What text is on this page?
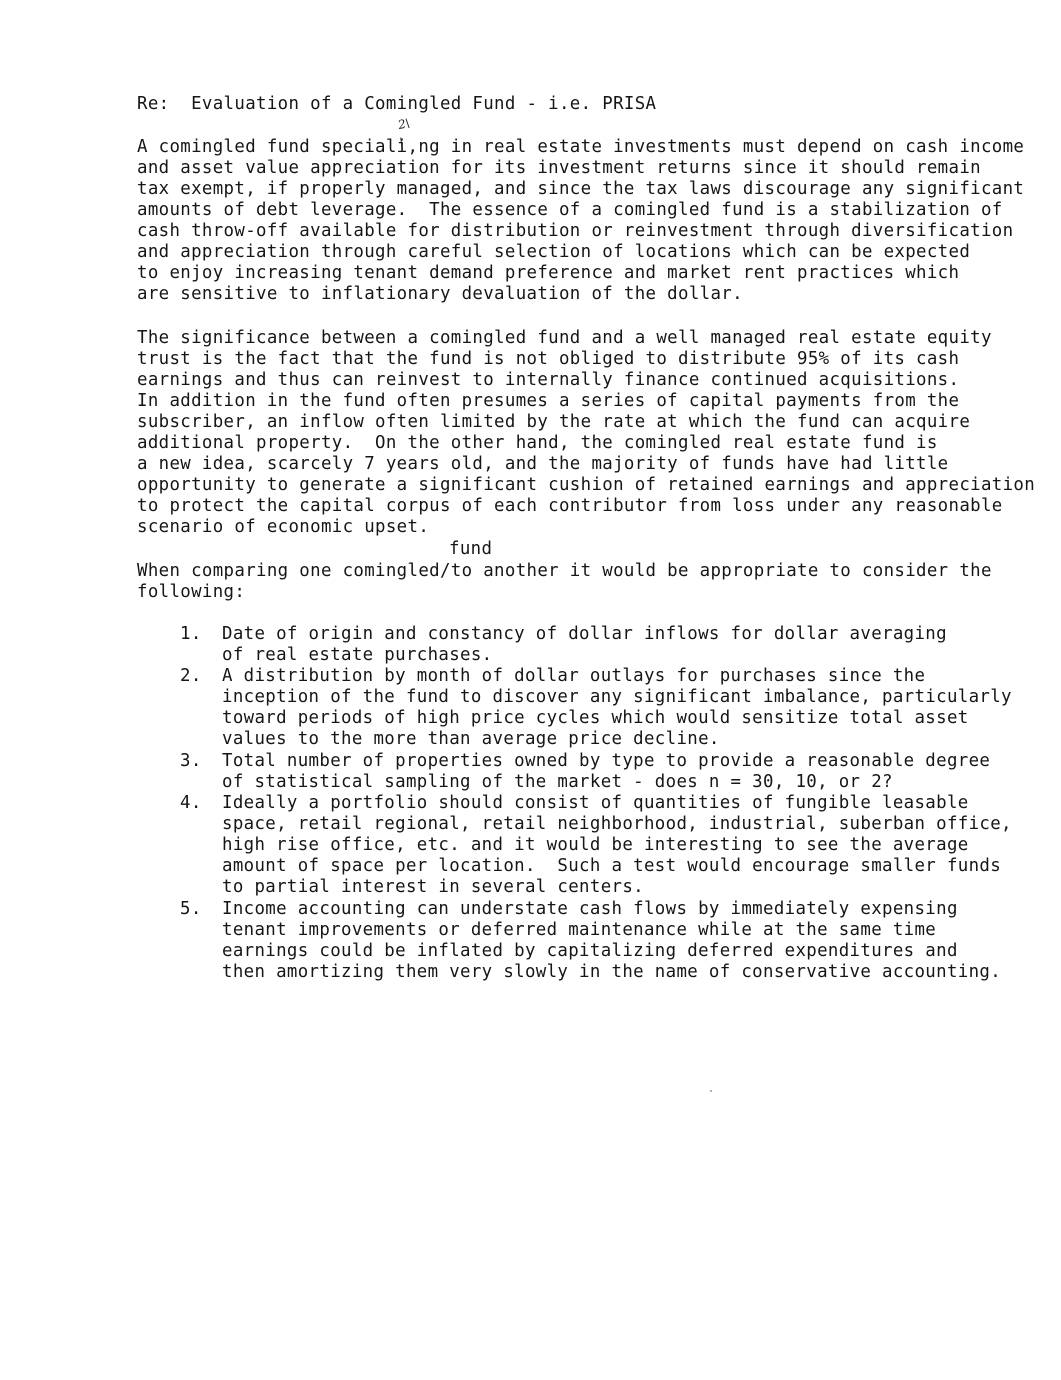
Re:  Evaluation of a Comingled Fund - i.e. PRISA

2\

A comingled fund speciali,ng in real estate investments must depend on cash income

and asset value appreciation for its investment returns since it should remain

tax exempt, if properly managed, and since the tax laws discourage any significant

amounts of debt leverage.  The essence of a comingled fund is a stabilization of

cash throw-off available for distribution or reinvestment through diversification

and appreciation through careful selection of locations which can be expected

to enjoy increasing tenant demand preference and market rent practices which

are sensitive to inflationary devaluation of the dollar.

The significance between a comingled fund and a well managed real estate equity

trust is the fact that the fund is not obliged to distribute 95% of its cash

earnings and thus can reinvest to internally finance continued acquisitions.

In addition in the fund often presumes a series of capital payments from the

subscriber, an inflow often limited by the rate at which the fund can acquire

additional property.  On the other hand, the comingled real estate fund is

a new idea, scarcely 7 years old, and the majority of funds have had little

opportunity to generate a significant cushion of retained earnings and appreciation

to protect the capital corpus of each contributor from loss under any reasonable

scenario of economic upset.

fund

When comparing one comingled/to another it would be appropriate to consider the

following:

1. Date of origin and constancy of dollar inflows for dollar averaging

of real estate purchases.

2. A distribution by month of dollar outlays for purchases since the

inception of the fund to discover any significant imbalance, particularly

toward periods of high price cycles which would sensitize total asset

values to the more than average price decline.

3. Total number of properties owned by type to provide a reasonable degree

of statistical sampling of the market - does n = 30, 10, or 2?

4. Ideally a portfolio should consist of quantities of fungible leasable

space, retail regional, retail neighborhood, industrial, suberban office,

high rise office, etc. and it would be interesting to see the average

amount of space per location.  Such a test would encourage smaller funds

to partial interest in several centers.

5. Income accounting can understate cash flows by immediately expensing

tenant improvements or deferred maintenance while at the same time

earnings could be inflated by capitalizing deferred expenditures and

then amortizing them very slowly in the name of conservative accounting.
